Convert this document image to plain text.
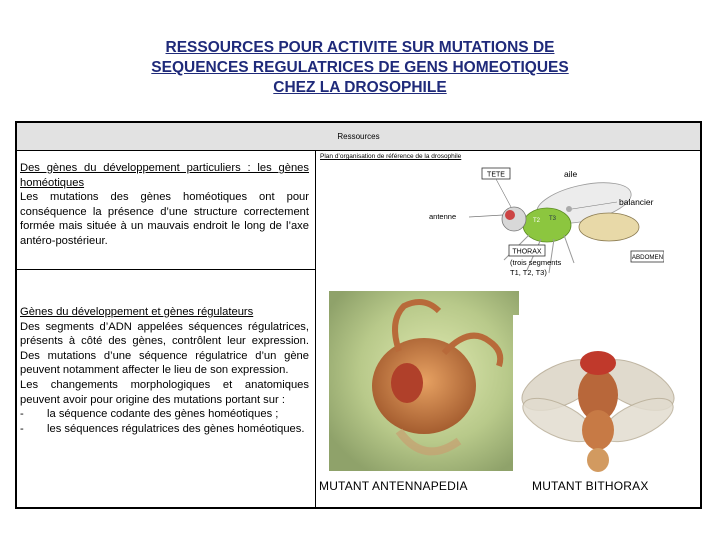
RESSOURCES POUR ACTIVITE SUR MUTATIONS DE
SEQUENCES REGULATRICES DE GENS HOMEOTIQUES
CHEZ LA DROSOPHILE
Ressources
Des gènes du développement particuliers : les gènes homéotiques
Les mutations des gènes homéotiques ont pour conséquence la présence d’une structure correctement formée mais située à un mauvais endroit le long de l’axe antéro-postérieur.
Gènes du développement et gènes régulateurs
Des segments d’ADN appelées séquences régulatrices, présents à côté des gènes, contrôlent leur expression. Des mutations d’une séquence régulatrice d’un gène peuvent notamment affecter le lieu de son expression.
Les changements morphologiques et anatomiques peuvent avoir pour origine des mutations portant sur :
-	la séquence codante des gènes homéotiques ;
-	les séquences régulatrices des gènes homéotiques.
Plan d’organisation de référence de la drosophile
TETE	aile
balancier
antenne	T2 T3
THORAX
(trois segments
T1, T2, T3)
ABDOMEN
MUTANT ANTENNAPEDIA	MUTANT BITHORAX
